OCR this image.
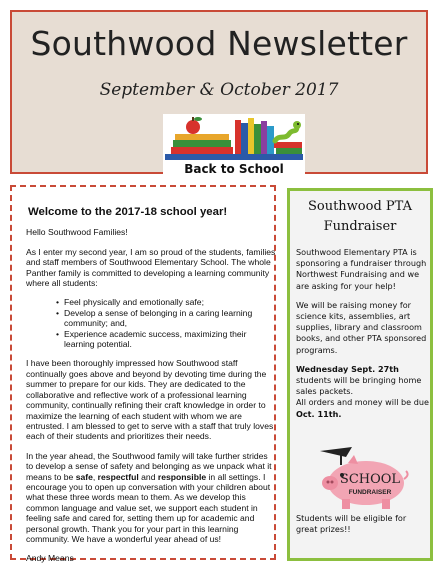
Southwood Newsletter
September & October 2017
Back to School
Welcome to the 2017-18 school year!

Hello Southwood Families!

As I enter my second year, I am so proud of the students, families and staff members of Southwood Elementary School. The whole Panther family is committed to developing a learning community where all students:

• Feel physically and emotionally safe;
• Develop a sense of belonging in a caring learning community; and,
• Experience academic success, maximizing their learning potential.

I have been thoroughly impressed how Southwood staff continually goes above and beyond by devoting time during the summer to prepare for our kids. They are dedicated to the collaborative and reflective work of a professional learning community, continually refining their craft knowledge in order to maximize the learning of each student with whom we are entrusted. I am blessed to get to serve with a staff that truly loves each of their students and prioritizes their needs.

In the year ahead, the Southwood family will take further strides to develop a sense of safety and belonging as we unpack what it means to be safe, respectful and responsible in all settings. I encourage you to open up conversation with your children about what these three words mean to them. As we develop this common language and value set, we support each student in feeling safe and cared for, setting them up for academic and personal growth. Thank you for your part in this learning community. We have a wonderful year ahead of us!

Andy Means

Southwood PTA
Fundraiser

Southwood Elementary PTA is sponsoring a fundraiser through Northwest Fundraising and we are asking for your help!

We will be raising money for science kits, assemblies, art supplies, library and classroom books, and other PTA sponsored programs.

Wednesday Sept. 27th

students will be bringing home sales packets.

All orders and money will be due

Oct. 11th.

SCHOOL
FUNDRAISER
Students will be eligible for great prizes!!
